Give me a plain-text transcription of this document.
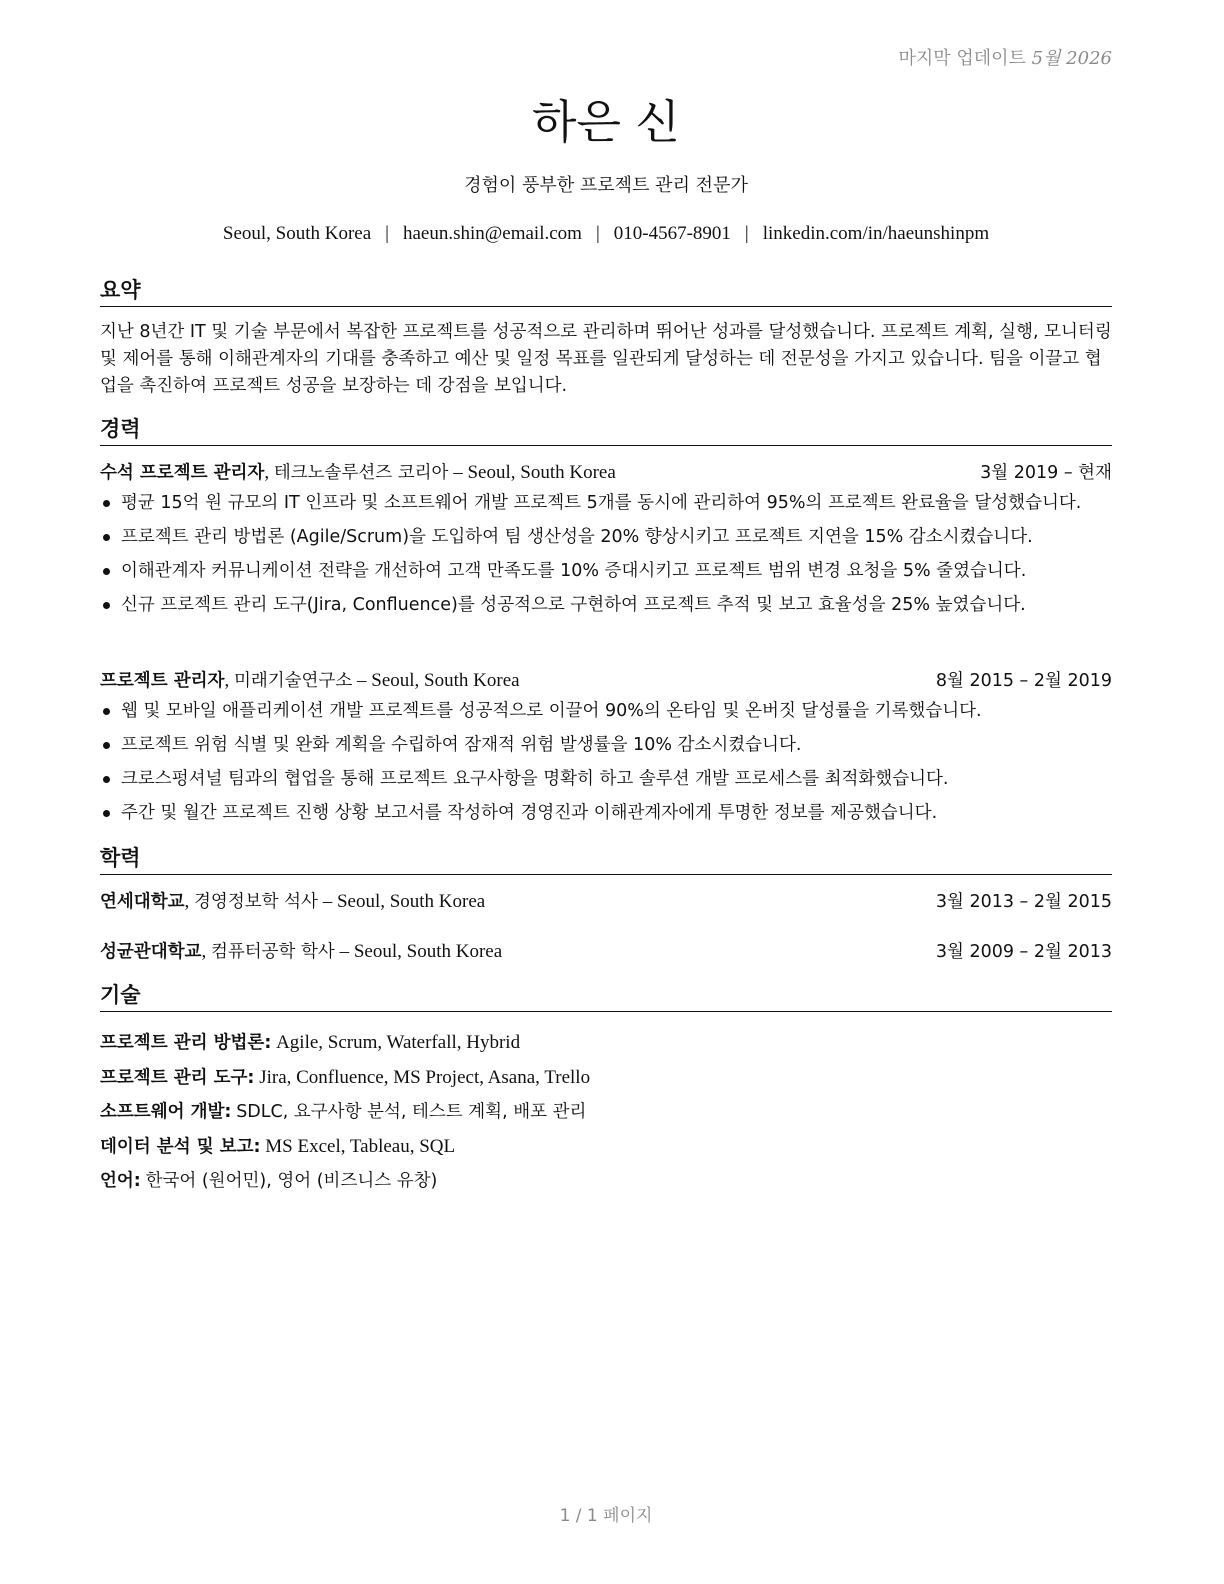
마지막 업데이트 5월 2026
하은 신
경험이 풍부한 프로젝트 관리 전문가
Seoul, South Korea | haeun.shin@email.com | 010-4567-8901 | linkedin.com/in/haeunshinpm
요약
지난 8년간 IT 및 기술 부문에서 복잡한 프로젝트를 성공적으로 관리하며 뛰어난 성과를 달성했습니다. 프로젝트 계획, 실행, 모니터링 및 제어를 통해 이해관계자의 기대를 충족하고 예산 및 일정 목표를 일관되게 달성하는 데 전문성을 가지고 있습니다. 팀을 이끌고 협업을 촉진하여 프로젝트 성공을 보장하는 데 강점을 보입니다.
경력
수석 프로젝트 관리자, 테크노솔루션즈 코리아 – Seoul, South Korea	3월 2019 – 현재
평균 15억 원 규모의 IT 인프라 및 소프트웨어 개발 프로젝트 5개를 동시에 관리하여 95%의 프로젝트 완료율을 달성했습니다.
프로젝트 관리 방법론 (Agile/Scrum)을 도입하여 팀 생산성을 20% 향상시키고 프로젝트 지연을 15% 감소시켰습니다.
이해관계자 커뮤니케이션 전략을 개선하여 고객 만족도를 10% 증대시키고 프로젝트 범위 변경 요청을 5% 줄였습니다.
신규 프로젝트 관리 도구(Jira, Confluence)를 성공적으로 구현하여 프로젝트 추적 및 보고 효율성을 25% 높였습니다.
프로젝트 관리자, 미래기술연구소 – Seoul, South Korea	8월 2015 – 2월 2019
웹 및 모바일 애플리케이션 개발 프로젝트를 성공적으로 이끌어 90%의 온타임 및 온버짓 달성률을 기록했습니다.
프로젝트 위험 식별 및 완화 계획을 수립하여 잠재적 위험 발생률을 10% 감소시켰습니다.
크로스펑셔널 팀과의 협업을 통해 프로젝트 요구사항을 명확히 하고 솔루션 개발 프로세스를 최적화했습니다.
주간 및 월간 프로젝트 진행 상황 보고서를 작성하여 경영진과 이해관계자에게 투명한 정보를 제공했습니다.
학력
연세대학교, 경영정보학 석사 – Seoul, South Korea	3월 2013 – 2월 2015
성균관대학교, 컴퓨터공학 학사 – Seoul, South Korea	3월 2009 – 2월 2013
기술
프로젝트 관리 방법론: Agile, Scrum, Waterfall, Hybrid
프로젝트 관리 도구: Jira, Confluence, MS Project, Asana, Trello
소프트웨어 개발: SDLC, 요구사항 분석, 테스트 계획, 배포 관리
데이터 분석 및 보고: MS Excel, Tableau, SQL
언어: 한국어 (원어민), 영어 (비즈니스 유창)
1 / 1 페이지
